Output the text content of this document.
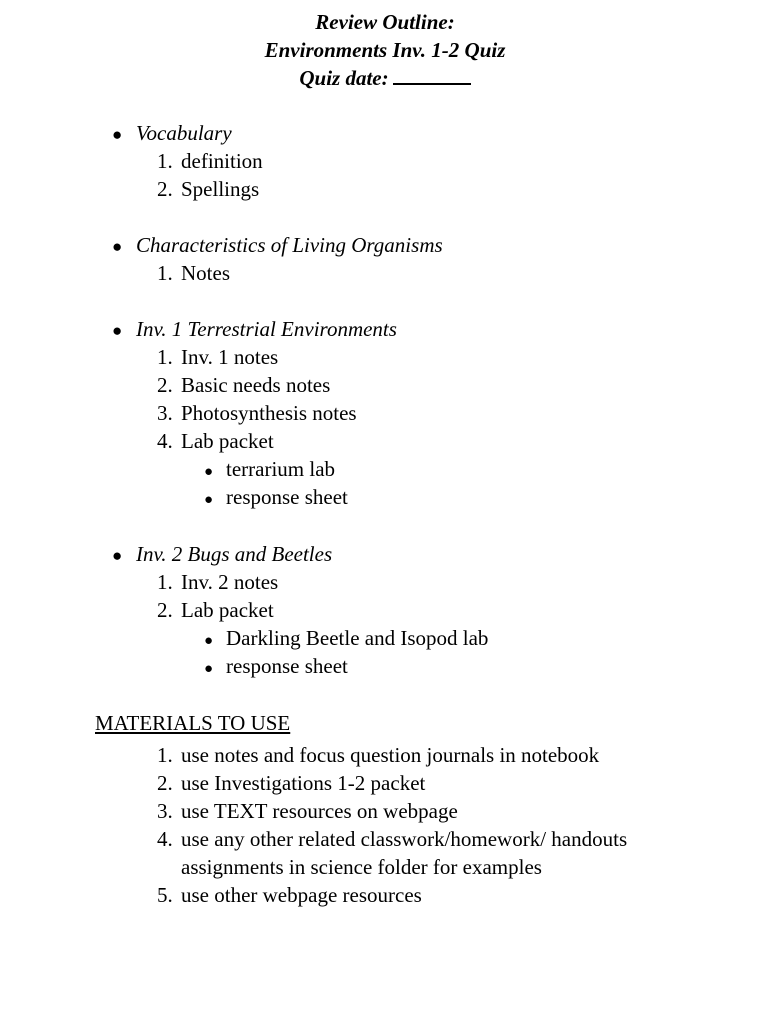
Review Outline:
Environments Inv. 1-2 Quiz
Quiz date:
● Vocabulary
1. definition
2. Spellings
● Characteristics of Living Organisms
1. Notes
● Inv. 1 Terrestrial Environments
1. Inv. 1 notes
2. Basic needs notes
3. Photosynthesis notes
4. Lab packet
● terrarium lab
● response sheet
● Inv. 2 Bugs and Beetles
1. Inv. 2 notes
2. Lab packet
● Darkling Beetle and Isopod lab
● response sheet
MATERIALS TO USE
1. use notes and focus question journals in notebook
2. use Investigations 1-2 packet
3. use TEXT resources on webpage
4. use any other related classwork/homework/ handouts
assignments in science folder for examples
5. use other webpage resources
